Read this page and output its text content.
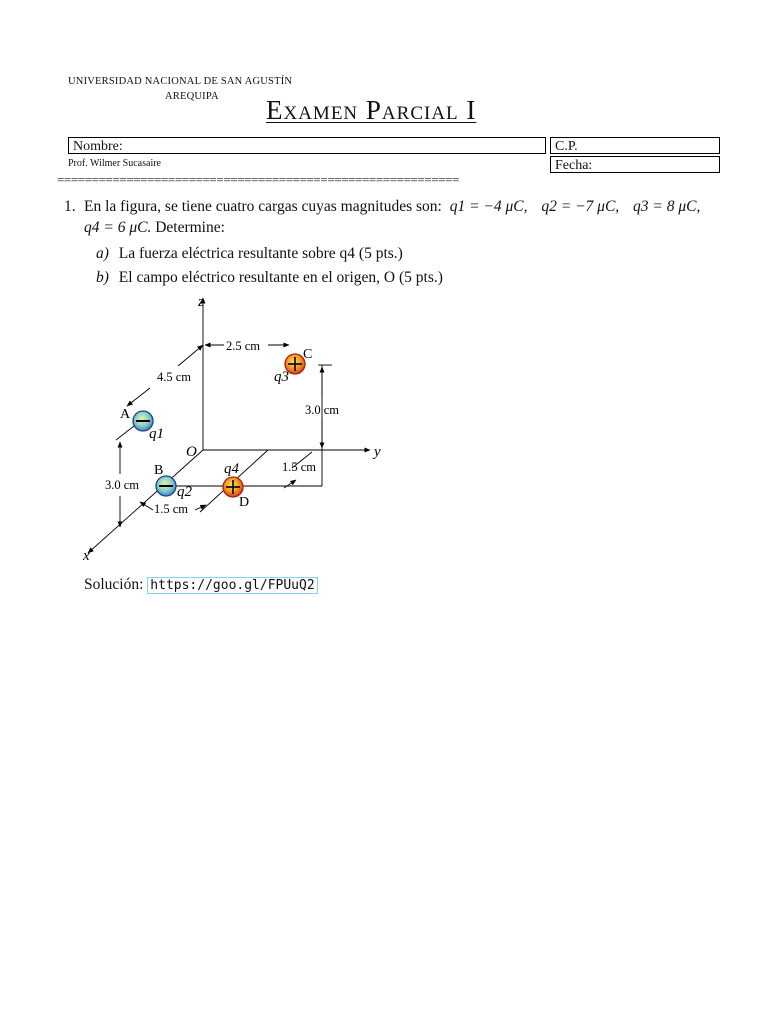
UNIVERSIDAD NACIONAL DE SAN AGUSTÍN
AREQUIPA Examen Parcial I
Nombre:	C.P.
Prof. Wilmer Sucasaire	Fecha:
==========================================================
1. En la figura, se tiene cuatro cargas cuyas magnitudes son: q1 = −4 μC, q2 = −7 μC, q3 = 8 μC,
q4 = 6 μC. Determine:
a) La fuerza eléctrica resultante sobre q4 (5 pts.)
b) El campo eléctrico resultante en el origen, O (5 pts.)
z
y
x
O
A
B
C
D
q1
q2
q3
q4
2.5 cm
4.5 cm
3.0 cm
3.0 cm
1.5 cm
1.5 cm
Solución: https://goo.gl/FPUuQ2
